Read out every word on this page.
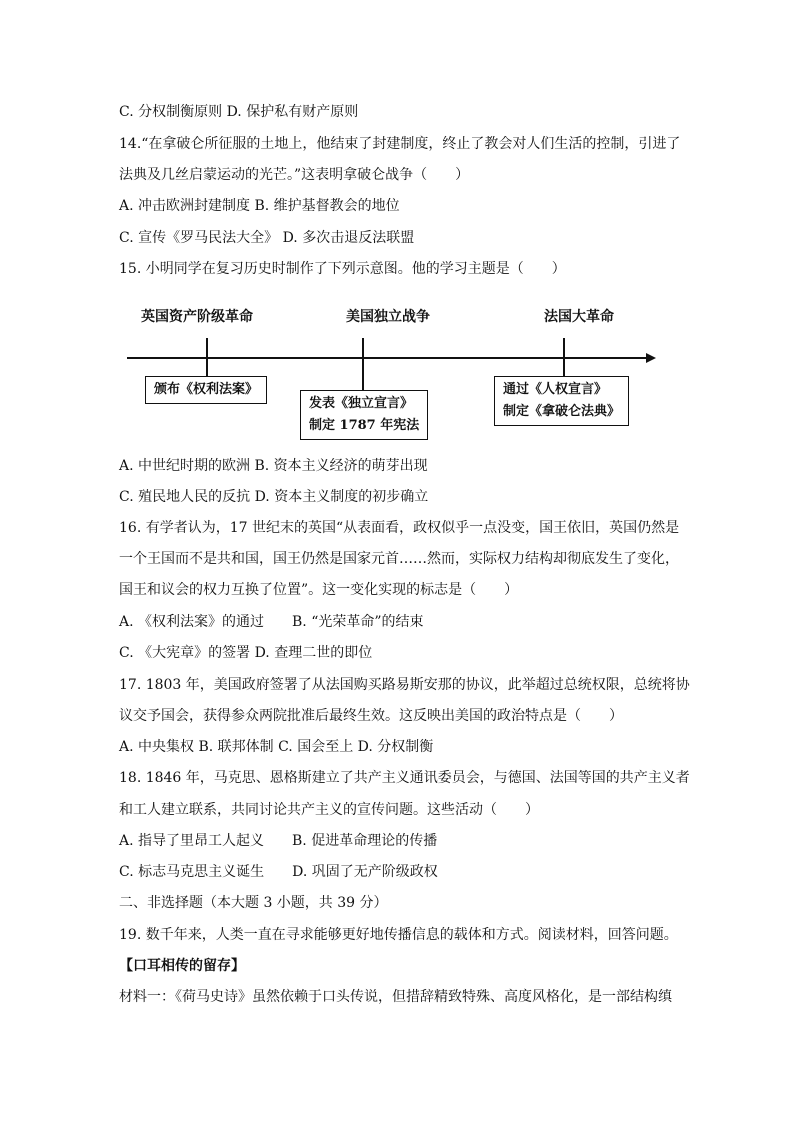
C. 分权制衡原则 D. 保护私有财产原则
14.“在拿破仑所征服的土地上，他结束了封建制度，终止了教会对人们生活的控制，引进了
法典及几丝启蒙运动的光芒。”这表明拿破仑战争（　　）
A. 冲击欧洲封建制度 B. 维护基督教会的地位
C. 宣传《罗马民法大全》 D. 多次击退反法联盟
15. 小明同学在复习历史时制作了下列示意图。他的学习主题是（　　）
英国资产阶级革命	美国独立战争	法国大革命
颁布《权利法案》
发表《独立宣言》
制定 1787 年宪法
通过《人权宣言》
制定《拿破仑法典》
A. 中世纪时期的欧洲 B. 资本主义经济的萌芽出现
C. 殖民地人民的反抗 D. 资本主义制度的初步确立
16. 有学者认为，17 世纪末的英国“从表面看，政权似乎一点没变，国王依旧，英国仍然是
一个王国而不是共和国，国王仍然是国家元首……然而，实际权力结构却彻底发生了变化，
国王和议会的权力互换了位置”。这一变化实现的标志是（　　）
A. 《权利法案》的通过　　B. “光荣革命”的结束
C. 《大宪章》的签署 D. 查理二世的即位
17. 1803 年，美国政府签署了从法国购买路易斯安那的协议，此举超过总统权限，总统将协
议交予国会，获得参众两院批准后最终生效。这反映出美国的政治特点是（　　）
A. 中央集权 B. 联邦体制 C. 国会至上 D. 分权制衡
18. 1846 年，马克思、恩格斯建立了共产主义通讯委员会，与德国、法国等国的共产主义者
和工人建立联系，共同讨论共产主义的宣传问题。这些活动（　　）
A. 指导了里昂工人起义　　B. 促进革命理论的传播
C. 标志马克思主义诞生　　D. 巩固了无产阶级政权
二、非选择题（本大题 3 小题，共 39 分）
19. 数千年来，人类一直在寻求能够更好地传播信息的载体和方式。阅读材料，回答问题。
【口耳相传的留存】
材料一：《荷马史诗》虽然依赖于口头传说，但措辞精致特殊、高度风格化，是一部结构缜
